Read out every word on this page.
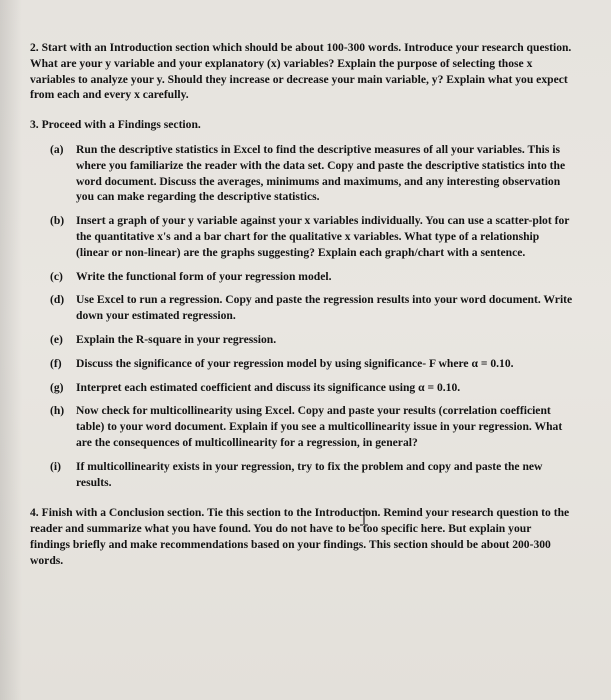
2. Start with an Introduction section which should be about 100-300 words. Introduce your research question. What are your y variable and your explanatory (x) variables? Explain the purpose of selecting those x variables to analyze your y. Should they increase or decrease your main variable, y? Explain what you expect from each and every x carefully.

3. Proceed with a Findings section.

(a)	Run the descriptive statistics in Excel to find the descriptive measures of all your variables. This is where you familiarize the reader with the data set. Copy and paste the descriptive statistics into the word document. Discuss the averages, minimums and maximums, and any interesting observation you can make regarding the descriptive statistics.
(b)	Insert a graph of your y variable against your x variables individually. You can use a scatter-plot for the quantitative x's and a bar chart for the qualitative x variables. What type of a relationship (linear or non-linear) are the graphs suggesting? Explain each graph/chart with a sentence.
(c)	Write the functional form of your regression model.
(d)	Use Excel to run a regression. Copy and paste the regression results into your word document. Write down your estimated regression.
(e)	Explain the R-square in your regression.
(f)	Discuss the significance of your regression model by using significance- F where α = 0.10.
(g)	Interpret each estimated coefficient and discuss its significance using α = 0.10.
(h)	Now check for multicollinearity using Excel. Copy and paste your results (correlation coefficient table) to your word document. Explain if you see a multicollinearity issue in your regression. What are the consequences of multicollinearity for a regression, in general?
(i)	If multicollinearity exists in your regression, try to fix the problem and copy and paste the new results.

4. Finish with a Conclusion section. Tie this section to the Introduction. Remind your research question to the reader and summarize what you have found. You do not have to be too specific here. But explain your findings briefly and make recommendations based on your findings. This section should be about 200-300 words.
